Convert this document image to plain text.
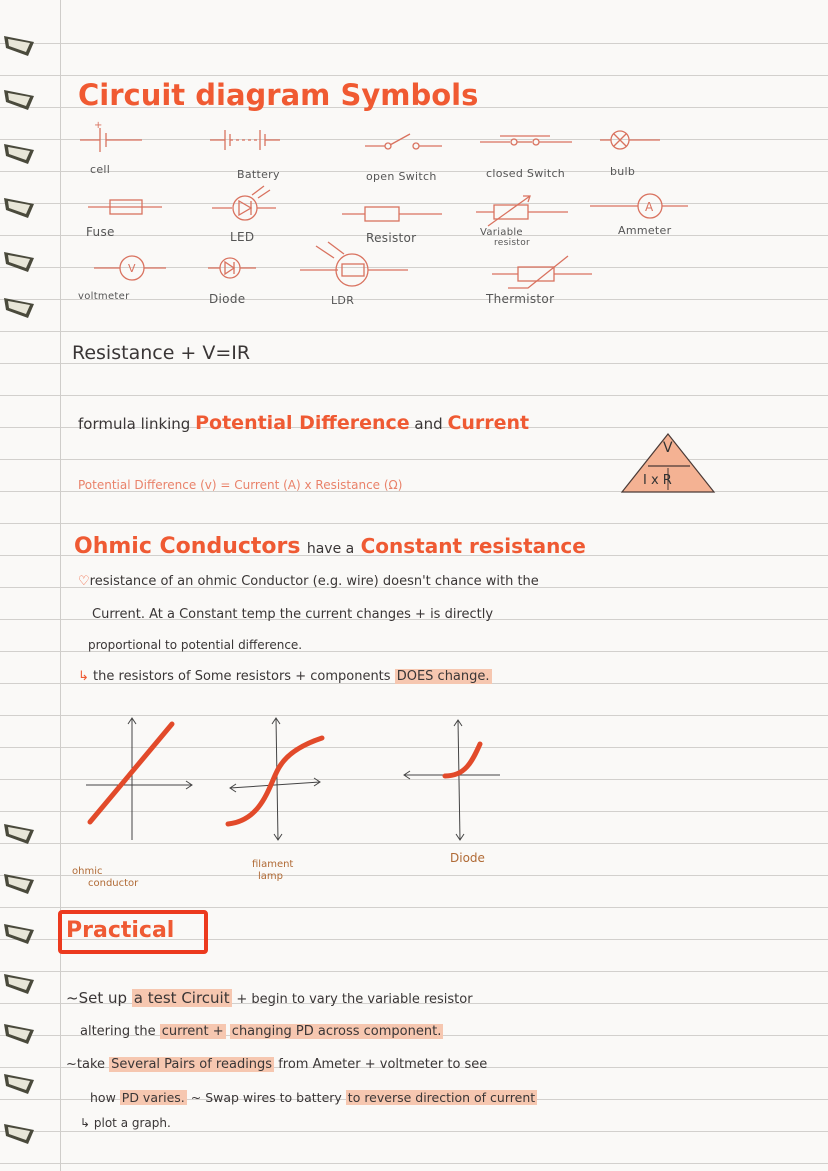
Circuit diagram Symbols
+
A
V
cell	Battery	open Switch	closed Switch	bulb
Fuse	LED	Resistor	Variable
resistor
Ammeter
voltmeter	Diode	LDR	Thermistor
Resistance + V=IR
formula linking Potential Difference and Current
Potential Difference (v) = Current (A) x Resistance (Ω)
V
I x R
Ohmic Conductors have a Constant resistance
♡resistance of an ohmic Conductor (e.g. wire) doesn't chance with the
Current. At a Constant temp the current changes + is directly
proportional to potential difference.
↳ the resistors of Some resistors + components DOES change.
ohmic
conductor
filament
lamp
Diode
Practical
~Set up a test Circuit + begin to vary the variable resistor
altering the current + changing PD across component.
~take Several Pairs of readings from Ameter + voltmeter to see
how PD varies. ~ Swap wires to battery to reverse direction of current
↳ plot a graph.
